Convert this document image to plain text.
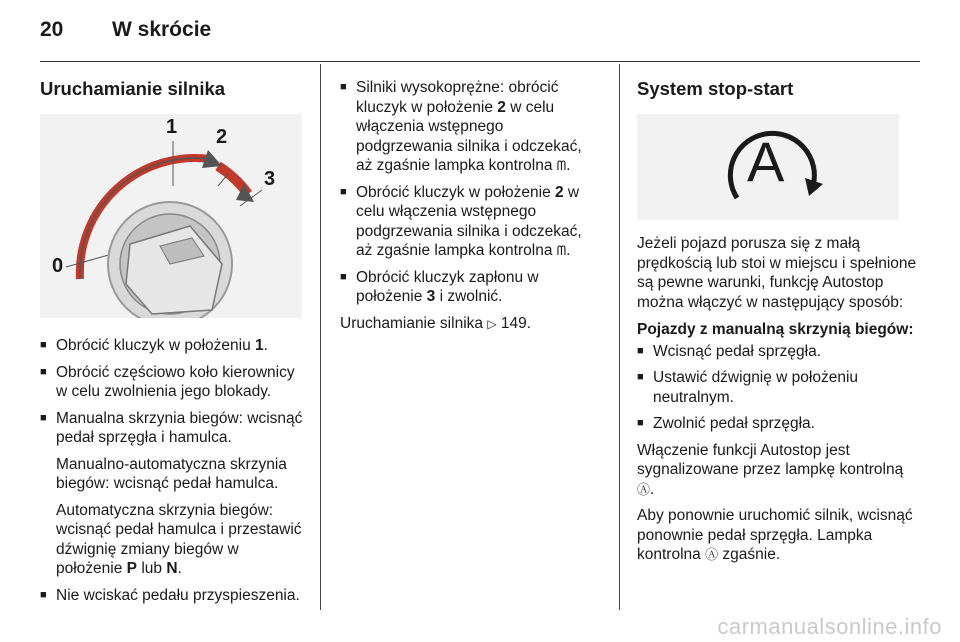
20	W skrócie
Uruchamianie silnika
0
1 2
3
■ Obrócić kluczyk w położeniu 1.
■ Obrócić częściowo koło kierownicy w celu zwolnienia jego blokady.
■ Manualna skrzynia biegów: wcisnąć pedał sprzęgła i hamulca.
Manualno-automatyczna skrzynia biegów: wcisnąć pedał hamulca.
Automatyczna skrzynia biegów: wcisnąć pedał hamulca i przestawić dźwignię zmiany biegów w położenie P lub N.
■ Nie wciskać pedału przyspieszenia.
■ Silniki wysokoprężne: obrócić kluczyk w położenie 2 w celu włączenia wstępnego podgrzewania silnika i odczekać, aż zgaśnie lampka kontrolna ᗰ.
■ Obrócić kluczyk w położenie 2 w celu włączenia wstępnego podgrzewania silnika i odczekać, aż zgaśnie lampka kontrolna ᗰ.
■ Obrócić kluczyk zapłonu w położenie 3 i zwolnić.

Uruchamianie silnika ▷ 149.

System stop-start
A

Jeżeli pojazd porusza się z małą prędkością lub stoi w miejscu i spełnione są pewne warunki, funkcję Autostop można włączyć w następujący sposób:

Pojazdy z manualną skrzynią biegów:

■ Wcisnąć pedał sprzęgła.
■ Ustawić dźwignię w położeniu neutralnym.
■ Zwolnić pedał sprzęgła.

Włączenie funkcji Autostop jest sygnalizowane przez lampkę kontrolną Ⓐ.

Aby ponownie uruchomić silnik, wcisnąć ponownie pedał sprzęgła. Lampka kontrolna Ⓐ zgaśnie.

carmanualsonline.info
